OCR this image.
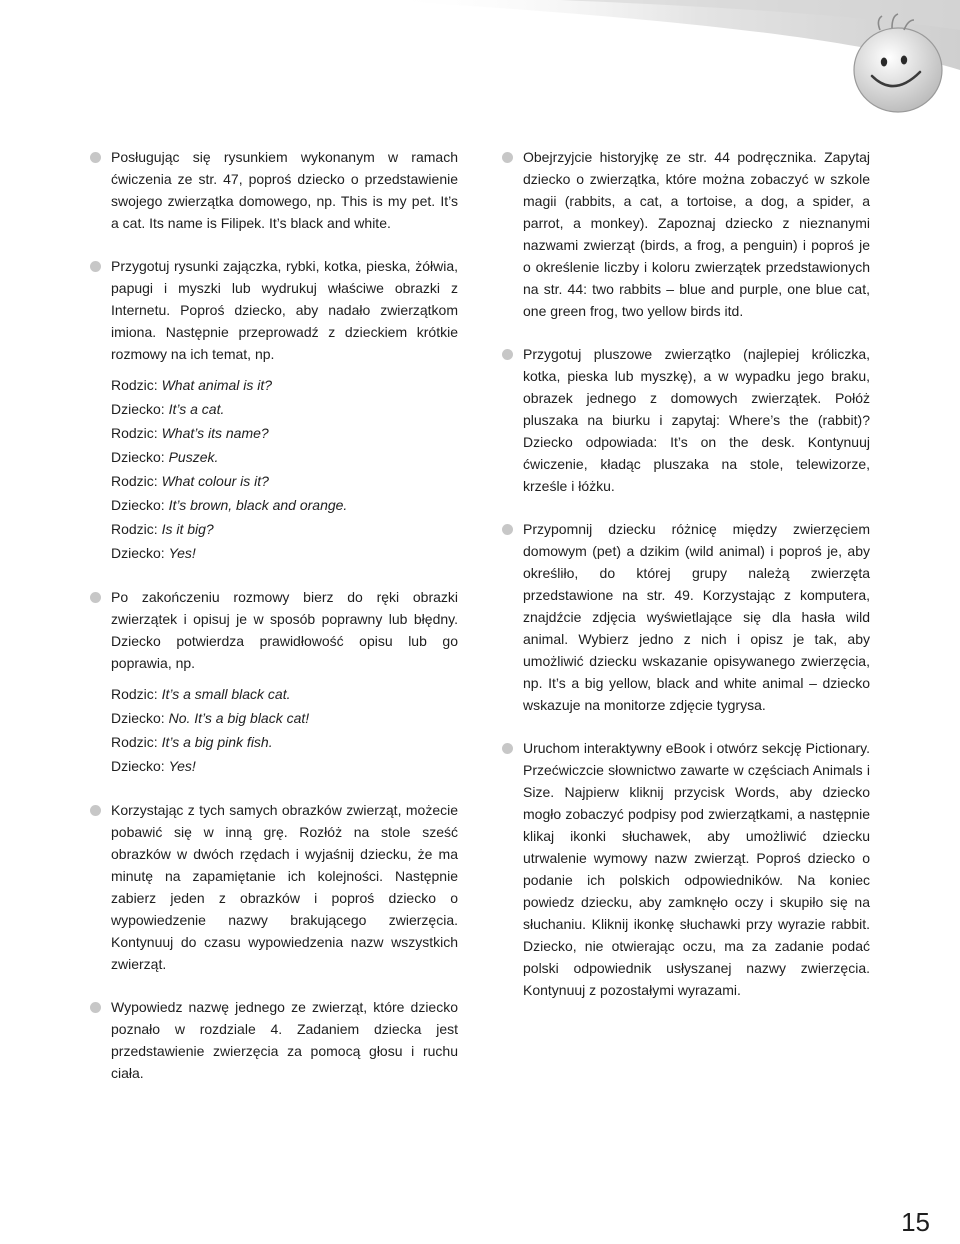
Posługując się rysunkiem wykonanym w ramach ćwiczenia ze str. 47, poproś dziecko o przedstawienie swojego zwierzątka domowego, np. This is my pet. It’s a cat. Its name is Filipek. It’s black and white.

Przygotuj rysunki zajączka, rybki, kotka, pieska, żółwia, papugi i myszki lub wydrukuj właściwe obrazki z Internetu. Poproś dziecko, aby nadało zwierzątkom imiona. Następnie przeprowadź z dzieckiem krótkie rozmowy na ich temat, np.

Rodzic: What animal is it?
Dziecko: It’s a cat.
Rodzic: What’s its name?
Dziecko: Puszek.
Rodzic: What colour is it?
Dziecko: It’s brown, black and orange.
Rodzic: Is it big?
Dziecko: Yes!

Po zakończeniu rozmowy bierz do ręki obrazki zwierzątek i opisuj je w sposób poprawny lub błędny. Dziecko potwierdza prawidłowość opisu lub go poprawia, np.

Rodzic: It’s a small black cat.
Dziecko: No. It’s a big black cat!
Rodzic: It’s a big pink fish.
Dziecko: Yes!

Korzystając z tych samych obrazków zwierząt, możecie pobawić się w inną grę. Rozłóż na stole sześć obrazków w dwóch rzędach i wyjaśnij dziecku, że ma minutę na zapamiętanie ich kolejności. Następnie zabierz jeden z obrazków i poproś dziecko o wypowiedzenie nazwy brakującego zwierzęcia. Kontynuuj do czasu wypowiedzenia nazw wszystkich zwierząt.

Wypowiedz nazwę jednego ze zwierząt, które dziecko poznało w rozdziale 4. Zadaniem dziecka jest przedstawienie zwierzęcia za pomocą głosu i ruchu ciała.

Obejrzyjcie historyjkę ze str. 44 podręcznika. Zapytaj dziecko o zwierzątka, które można zobaczyć w szkole magii (rabbits, a cat, a tortoise, a dog, a spider, a parrot, a monkey). Zapoznaj dziecko z nieznanymi nazwami zwierząt (birds, a frog, a penguin) i poproś je o określenie liczby i koloru zwierzątek przedstawionych na str. 44: two rabbits – blue and purple, one blue cat, one green frog, two yellow birds itd.

Przygotuj pluszowe zwierzątko (najlepiej króliczka, kotka, pieska lub myszkę), a w wypadku jego braku, obrazek jednego z domowych zwierzątek. Połóż pluszaka na biurku i zapytaj: Where’s the (rabbit)? Dziecko odpowiada: It’s on the desk. Kontynuuj ćwiczenie, kładąc pluszaka na stole, telewizorze, krześle i łóżku.

Przypomnij dziecku różnicę między zwierzęciem domowym (pet) a dzikim (wild animal) i poproś je, aby określiło, do której grupy należą zwierzęta przedstawione na str. 49. Korzystając z komputera, znajdźcie zdjęcia wyświetlające się dla hasła wild animal. Wybierz jedno z nich i opisz je tak, aby umożliwić dziecku wskazanie opisywanego zwierzęcia, np. It’s a big yellow, black and white animal – dziecko wskazuje na monitorze zdjęcie tygrysa.

Uruchom interaktywny eBook i otwórz sekcję Pictionary. Przećwiczcie słownictwo zawarte w częściach Animals i Size. Najpierw kliknij przycisk Words, aby dziecko mogło zobaczyć podpisy pod zwierzątkami, a następnie klikaj ikonki słuchawek, aby umożliwić dziecku utrwalenie wymowy nazw zwierząt. Poproś dziecko o podanie ich polskich odpowiedników. Na koniec powiedz dziecku, aby zamknęło oczy i skupiło się na słuchaniu. Kliknij ikonkę słuchawki przy wyrazie rabbit. Dziecko, nie otwierając oczu, ma za zadanie podać polski odpowiednik usłyszanej nazwy zwierzęcia. Kontynuuj z pozostałymi wyrazami.

15
